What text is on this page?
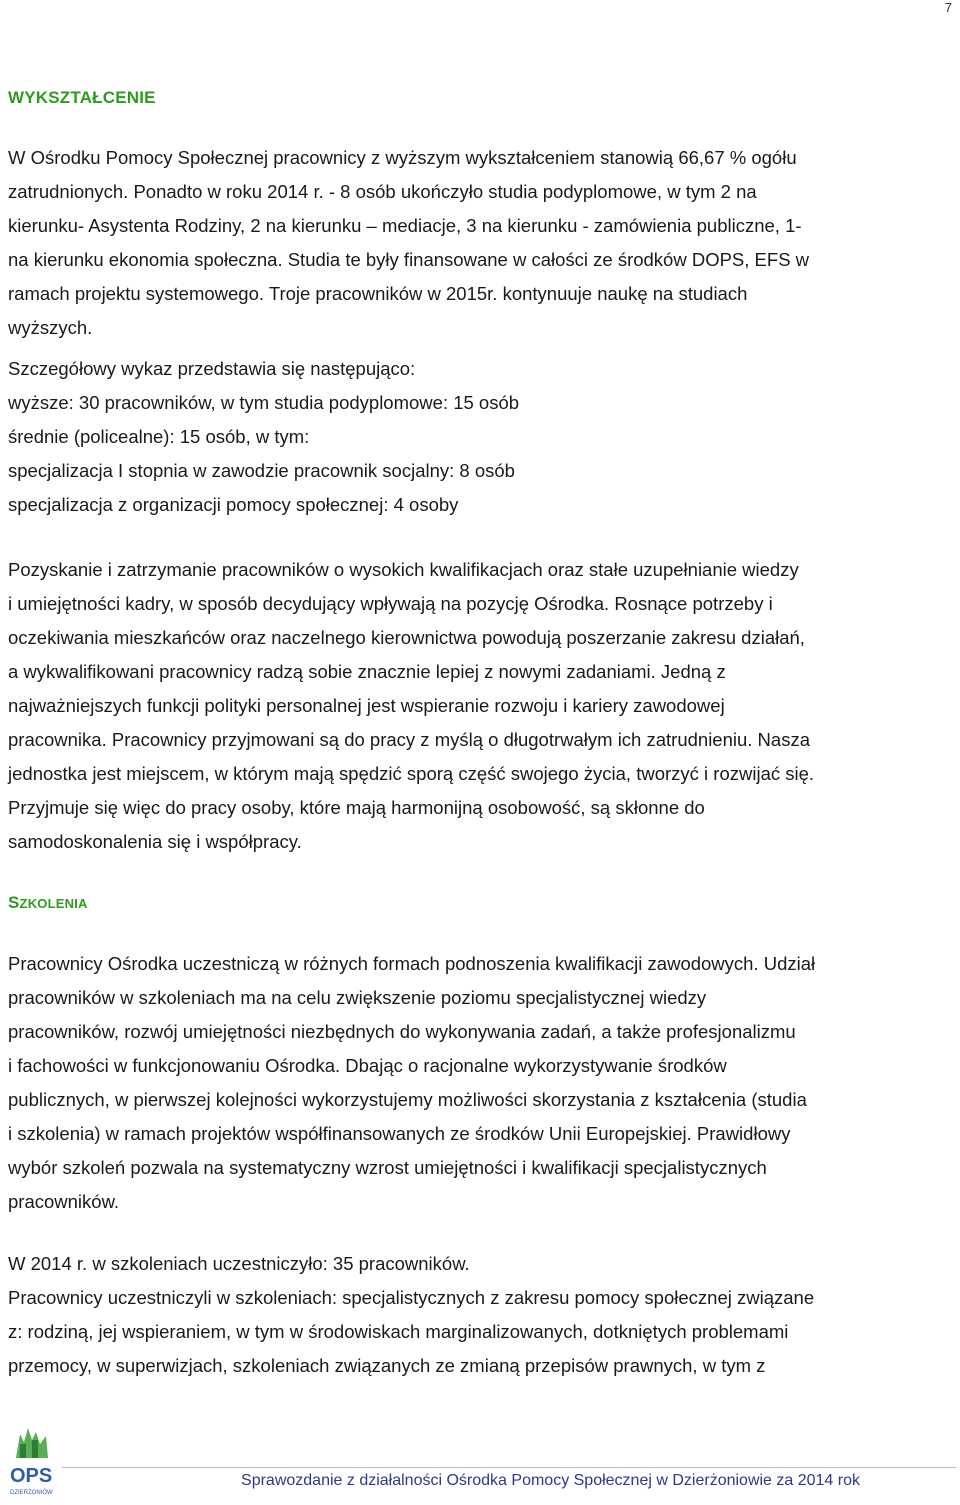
7
WYKSZTAŁCENIE
W Ośrodku Pomocy Społecznej pracownicy z wyższym wykształceniem stanowią 66,67 % ogółu
zatrudnionych. Ponadto w roku 2014 r. - 8 osób ukończyło studia podyplomowe, w tym 2 na
kierunku- Asystenta Rodziny, 2 na kierunku – mediacje, 3 na kierunku - zamówienia publiczne, 1-
na kierunku ekonomia społeczna. Studia te były finansowane w całości ze środków DOPS, EFS w
ramach projektu systemowego. Troje pracowników w 2015r. kontynuuje naukę na studiach
wyższych.
Szczegółowy wykaz przedstawia się następująco:
wyższe: 30 pracowników, w tym studia podyplomowe: 15 osób
średnie (policealne): 15 osób, w tym:
specjalizacja I stopnia w zawodzie pracownik socjalny: 8 osób
specjalizacja z organizacji pomocy społecznej: 4 osoby
Pozyskanie i zatrzymanie pracowników o wysokich kwalifikacjach oraz stałe uzupełnianie wiedzy
i umiejętności kadry, w sposób decydujący wpływają na pozycję Ośrodka. Rosnące potrzeby i
oczekiwania mieszkańców oraz naczelnego kierownictwa powodują poszerzanie zakresu działań,
a wykwalifikowani pracownicy radzą sobie znacznie lepiej z nowymi zadaniami. Jedną z
najważniejszych funkcji polityki personalnej jest wspieranie rozwoju i kariery zawodowej
pracownika. Pracownicy przyjmowani są do pracy z myślą o długotrwałym ich zatrudnieniu. Nasza
jednostka jest miejscem, w którym mają spędzić sporą część swojego życia, tworzyć i rozwijać się.
Przyjmuje się więc do pracy osoby, które mają harmonijną osobowość, są skłonne do
samodoskonalenia się i współpracy.
SZKOLENIA
Pracownicy Ośrodka uczestniczą w różnych formach podnoszenia kwalifikacji zawodowych. Udział
pracowników w szkoleniach ma na celu zwiększenie poziomu specjalistycznej wiedzy
pracowników, rozwój umiejętności niezbędnych do wykonywania zadań, a także profesjonalizmu
i fachowości w funkcjonowaniu Ośrodka. Dbając o racjonalne wykorzystywanie środków
publicznych, w pierwszej kolejności wykorzystujemy możliwości skorzystania z kształcenia (studia
i szkolenia) w ramach projektów współfinansowanych ze środków Unii Europejskiej. Prawidłowy
wybór szkoleń pozwala na systematyczny wzrost umiejętności i kwalifikacji specjalistycznych
pracowników.
W 2014 r. w szkoleniach uczestniczyło: 35 pracowników.
Pracownicy uczestniczyli w szkoleniach: specjalistycznych z zakresu pomocy społecznej związane
z: rodziną, jej wspieraniem, w tym w środowiskach marginalizowanych, dotkniętych problemami
przemocy, w superwizjach, szkoleniach związanych ze zmianą przepisów prawnych, w tym z
OPS
DZIERŻONIÓW
Sprawozdanie z działalności Ośrodka Pomocy Społecznej w Dzierżoniowie za 2014 rok
